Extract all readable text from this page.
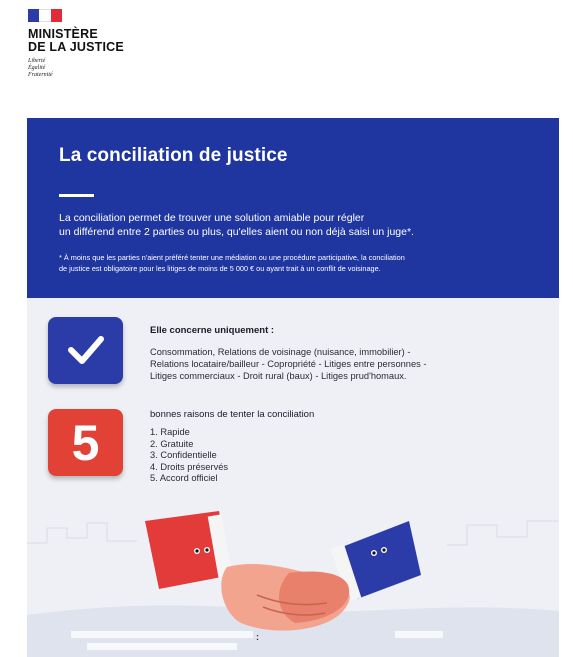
MINISTÈRE
DE LA JUSTICE
Liberté
Égalité
Fraternité
La conciliation de justice
La conciliation permet de trouver une solution amiable pour régler
un différend entre 2 parties ou plus, qu'elles aient ou non déjà saisi un juge*.
* À moins que les parties n'aient préféré tenter une médiation ou une procédure participative, la conciliation
de justice est obligatoire pour les litiges de moins de 5 000 € ou ayant trait à un conflit de voisinage.
Elle concerne uniquement :
Consommation, Relations de voisinage (nuisance, immobilier) -
Relations locataire/bailleur - Copropriété - Litiges entre personnes -
Litiges commerciaux - Droit rural (baux) - Litiges prud'homaux.
5
bonnes raisons de tenter la conciliation
1. Rapide
2. Gratuite
3. Confidentielle
4. Droits préservés
5. Accord officiel
:
